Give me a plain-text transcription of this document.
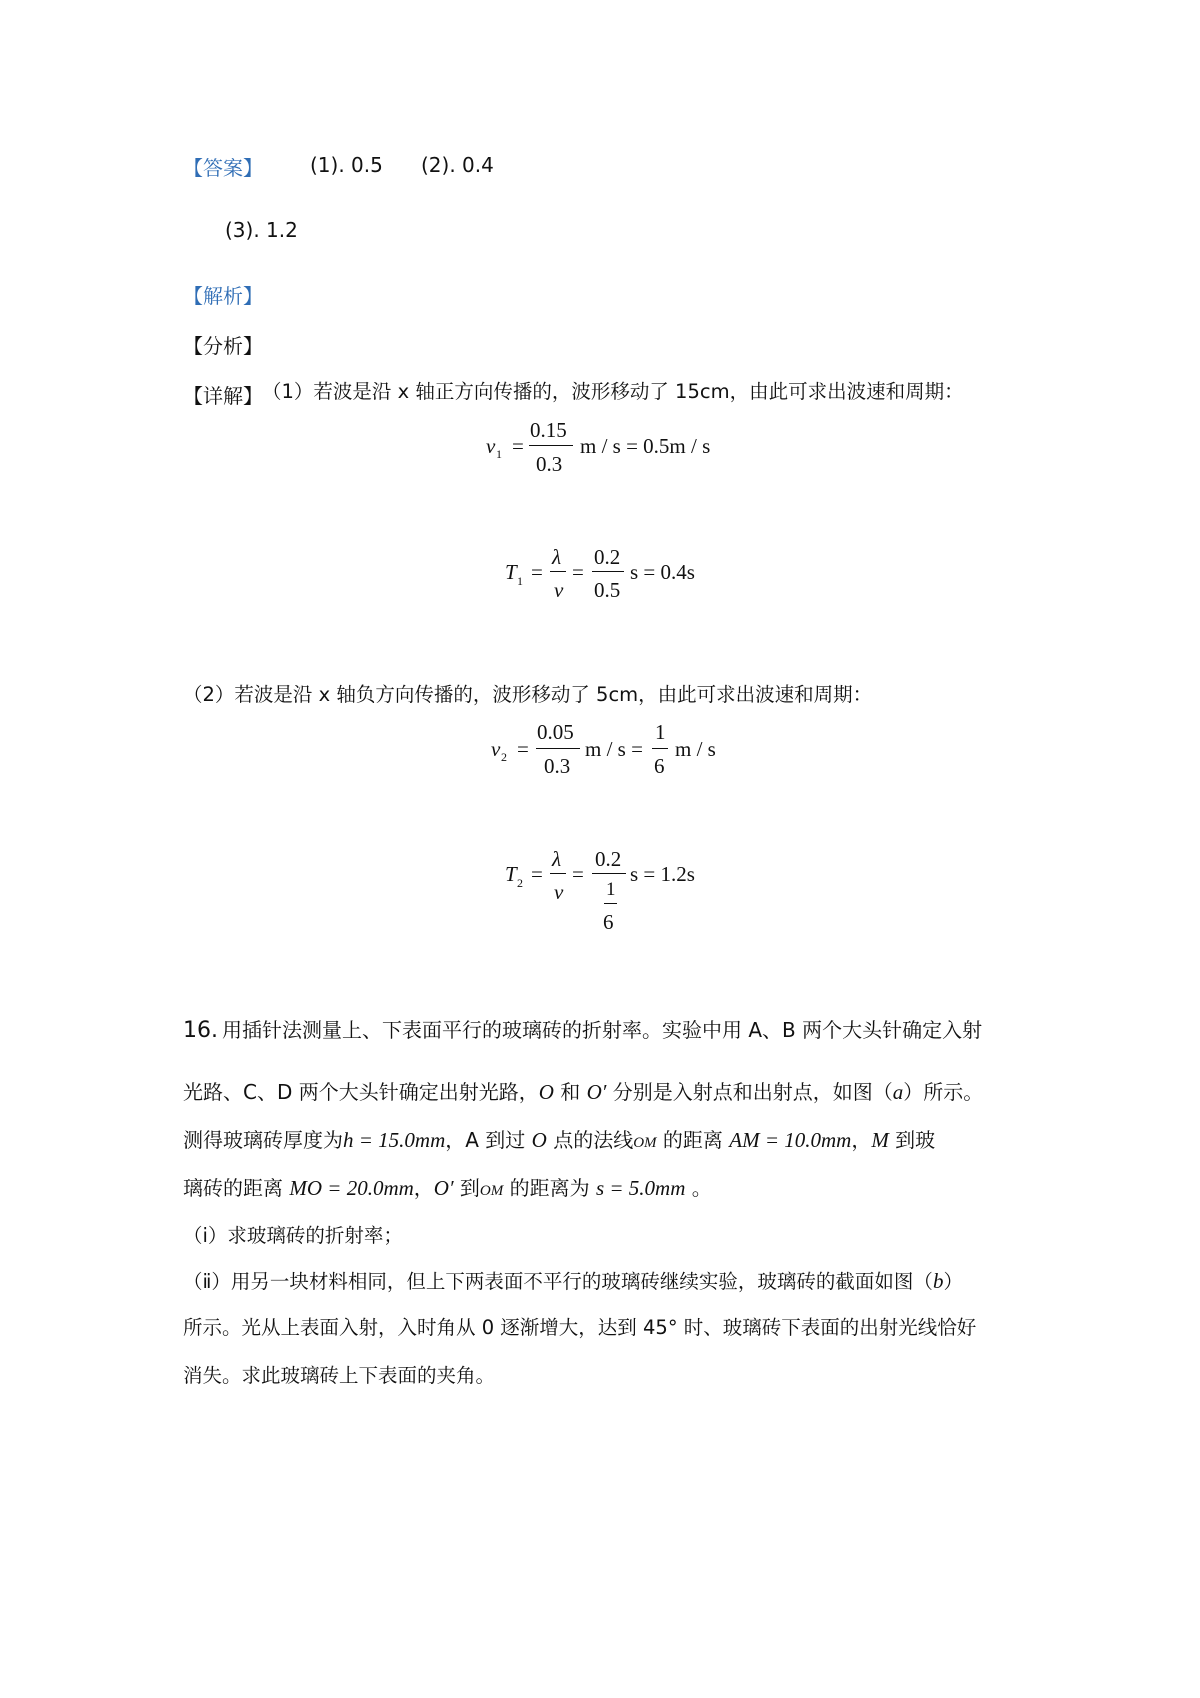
【答案】 (1). 0.5 (2). 0.4
(3). 1.2
【解析】
【分析】
【详解】 （1）若波是沿 x 轴正方向传播的，波形移动了 15cm，由此可求出波速和周期：
v 1 =
0.15
0.3
m / s = 0.5m / s
T 1 =
λ
v
=
0.2
0.5
s = 0.4s
（2）若波是沿 x 轴负方向传播的，波形移动了 5cm，由此可求出波速和周期：
v 2 =
0.05
0.3
m / s =
1
6
m / s
T 2 =
λ
v
=
0.2
1
6
s = 1.2s
16. 用插针法测量上、下表面平行的玻璃砖的折射率。实验中用 A、B 两个大头针确定入射
光路、C、D 两个大头针确定出射光路，O 和 O′ 分别是入射点和出射点，如图（a）所示。
测得玻璃砖厚度为h = 15.0mm，A 到过 O 点的法线OM 的距离 AM = 10.0mm，M 到玻
璃砖的距离 MO = 20.0mm，O′ 到OM 的距离为 s = 5.0mm 。
（ⅰ）求玻璃砖的折射率；
（ⅱ）用另一块材料相同，但上下两表面不平行的玻璃砖继续实验，玻璃砖的截面如图（b）
所示。光从上表面入射，入时角从 0 逐渐增大，达到 45° 时、玻璃砖下表面的出射光线恰好
消失。求此玻璃砖上下表面的夹角。
